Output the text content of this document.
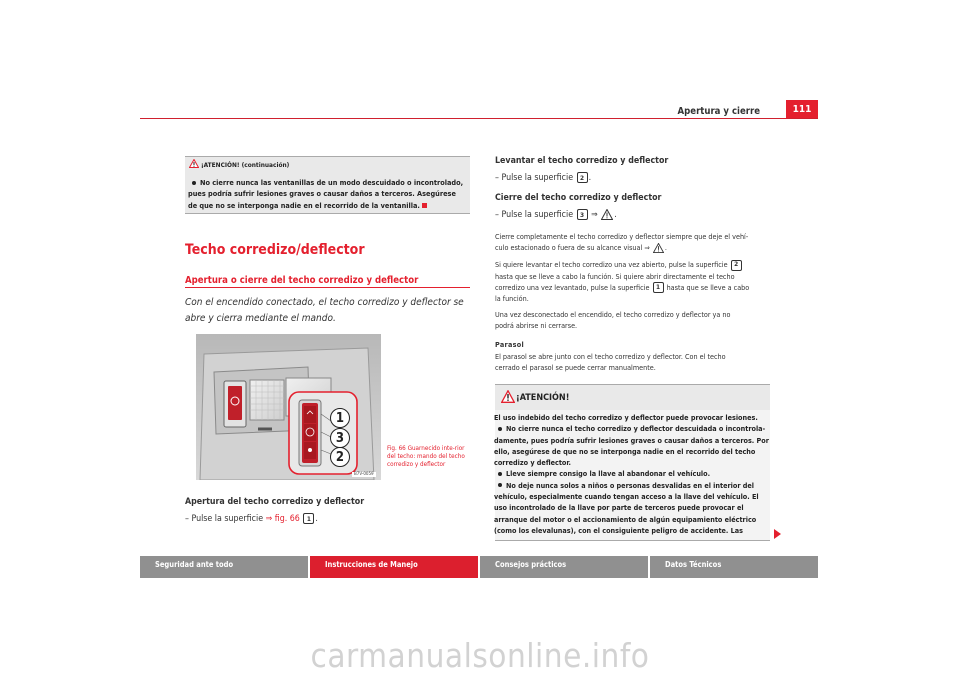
Apertura y cierre	111
¡ATENCIÓN! (continuación)
No cierre nunca las ventanillas de un modo descuidado o incontrolado, pues podría sufrir lesiones graves o causar daños a terceros. Asegúrese de que no se interponga nadie en el recorrido de la ventanilla.
Techo corredizo/deflector
Apertura o cierre del techo corredizo y deflector
Con el encendido conectado, el techo corredizo y deflector se abre y cierra mediante el mando.
1
3
2
Fig. 66 Guarnecido inte-rior del techo: mando del techo corredizo y deflector
B7V-0059
Apertura del techo corredizo y deflector
– Pulse la superficie ⇒ fig. 66 1 .
Levantar el techo corredizo y deflector
– Pulse la superficie 2 .
Cierre del techo corredizo y deflector
– Pulse la superficie 3 ⇒ .
Cierre completamente el techo corredizo y deflector siempre que deje el vehí-
culo estacionado o fuera de su alcance visual ⇒ .
Si quiere levantar el techo corredizo una vez abierto, pulse la superficie 2
hasta que se lleve a cabo la función. Si quiere abrir directamente el techo
corredizo una vez levantado, pulse la superficie 1 hasta que se lleve a cabo
la función.
Una vez desconectado el encendido, el techo corredizo y deflector ya no
podrá abrirse ni cerrarse.
Parasol
El parasol se abre junto con el techo corredizo y deflector. Con el techo
cerrado el parasol se puede cerrar manualmente.
¡ATENCIÓN!
El uso indebido del techo corredizo y deflector puede provocar lesiones.
No cierre nunca el techo corredizo y deflector descuidada o incontrola-damente, pues podría sufrir lesiones graves o causar daños a terceros. Por ello, asegúrese de que no se interponga nadie en el recorrido del techo corredizo y deflector.
Lleve siempre consigo la llave al abandonar el vehículo.
No deje nunca solos a niños o personas desvalidas en el interior del vehículo, especialmente cuando tengan acceso a la llave del vehículo. El uso incontrolado de la llave por parte de terceros puede provocar el arranque del motor o el accionamiento de algún equipamiento eléctrico (como los elevalunas), con el consiguiente peligro de accidente. Las
Seguridad ante todo	Instrucciones de Manejo	Consejos prácticos	Datos Técnicos
carmanualsonline.info
